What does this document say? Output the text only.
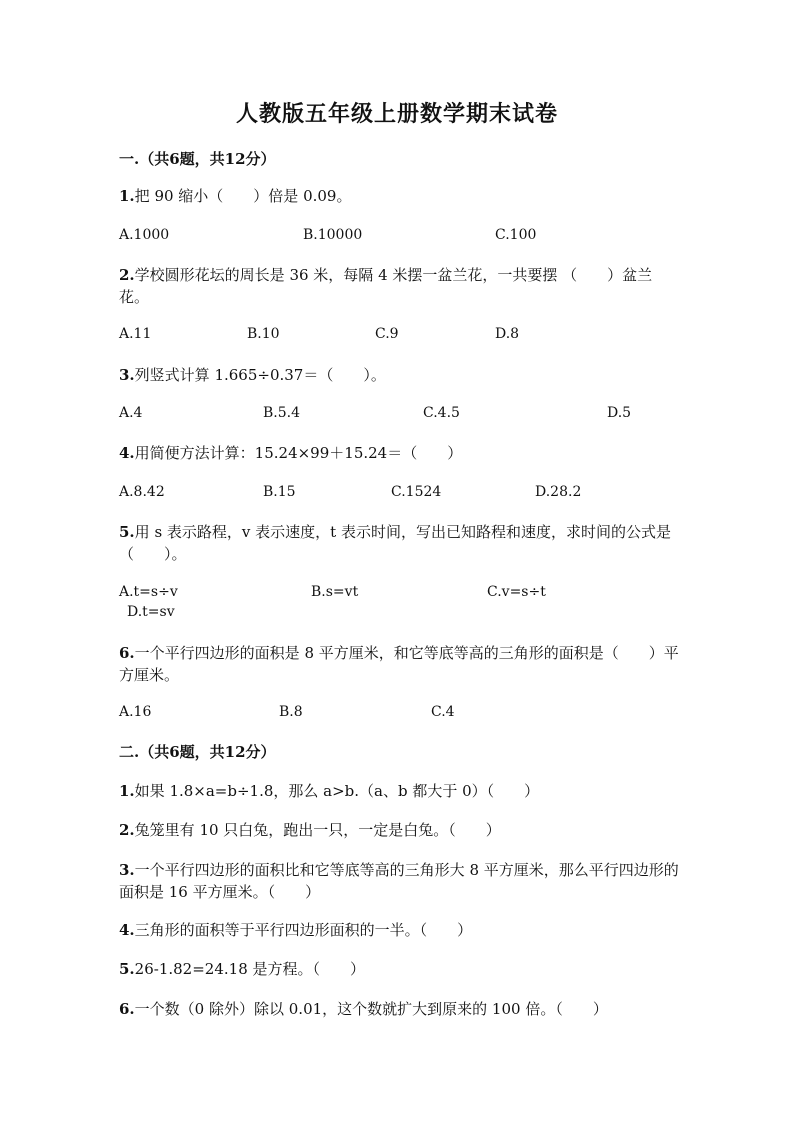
人教版五年级上册数学期末试卷
一.（共6题，共12分）
1.把 90 缩小（　　）倍是 0.09。
A.1000	B.10000	C.100
2.学校圆形花坛的周长是 36 米，每隔 4 米摆一盆兰花，一共要摆 （　　）盆兰花。
A.11	B.10	C.9	D.8
3.列竖式计算 1.665÷0.37＝（　　）。
A.4	B.5.4	C.4.5	D.5
4.用简便方法计算：15.24×99＋15.24＝（　　）
A.8.42	B.15	C.1524	D.28.2
5.用 s 表示路程，v 表示速度，t 表示时间，写出已知路程和速度，求时间的公式是（　　）。
A.t=s÷v	B.s=vt	C.v=s÷t
D.t=sv
6.一个平行四边形的面积是 8 平方厘米，和它等底等高的三角形的面积是（　　）平方厘米。
A.16	B.8	C.4
二.（共6题，共12分）
1.如果 1.8×a=b÷1.8，那么 a>b.（a、b 都大于 0）（　　）
2.兔笼里有 10 只白兔，跑出一只，一定是白兔。（　　）
3.一个平行四边形的面积比和它等底等高的三角形大 8 平方厘米，那么平行四边形的面积是 16 平方厘米。（　　）
4.三角形的面积等于平行四边形面积的一半。（　　）
5.26-1.82=24.18 是方程。（　　）
6.一个数（0 除外）除以 0.01，这个数就扩大到原来的 100 倍。（　　）
